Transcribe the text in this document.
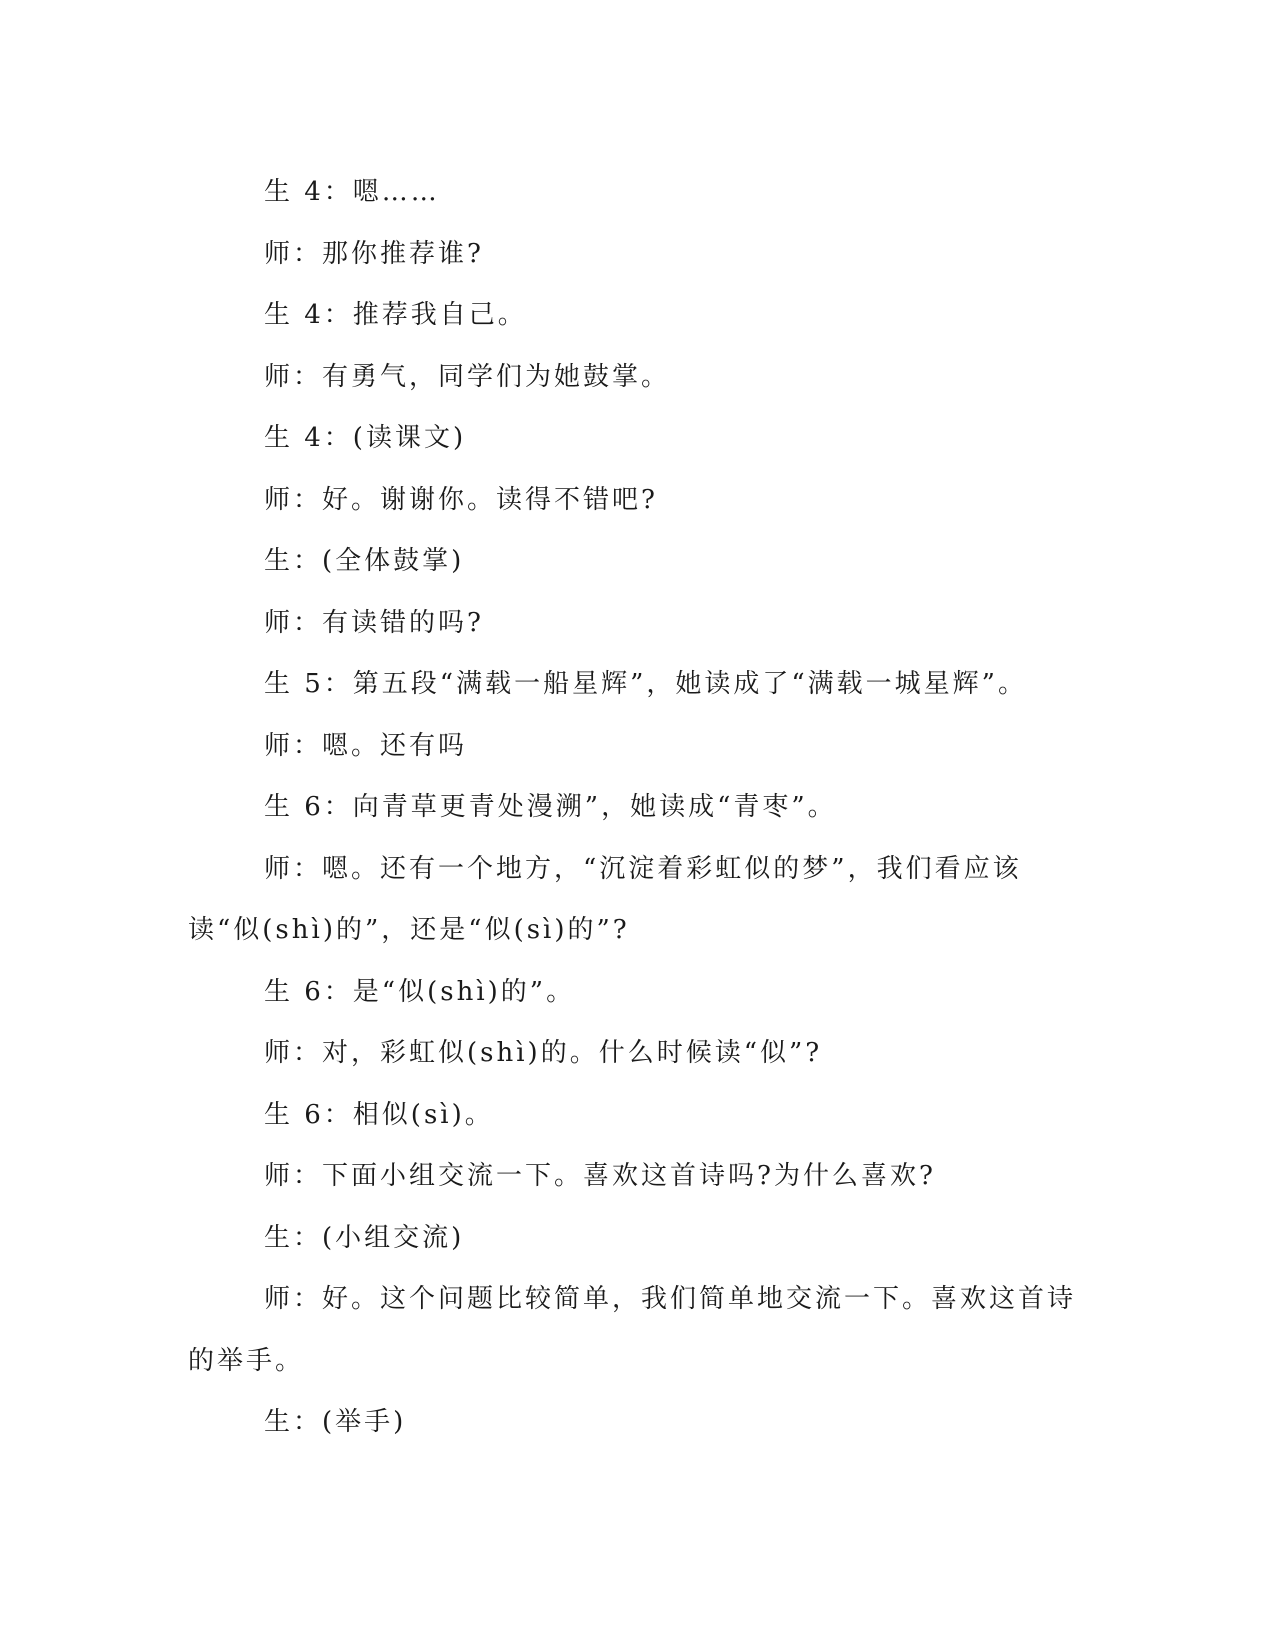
生 4：嗯……

师：那你推荐谁?

生 4：推荐我自己。

师：有勇气，同学们为她鼓掌。

生 4：(读课文)

师：好。谢谢你。读得不错吧?

生：(全体鼓掌)

师：有读错的吗?

生 5：第五段“满载一船星辉”，她读成了“满载一城星辉”。

师：嗯。还有吗

生 6：向青草更青处漫溯”，她读成“青枣”。

师：嗯。还有一个地方，“沉淀着彩虹似的梦”，我们看应该读“似(shì)的”，还是“似(sì)的”?

生 6：是“似(shì)的”。

师：对，彩虹似(shì)的。什么时候读“似”?

生 6：相似(sì)。

师：下面小组交流一下。喜欢这首诗吗?为什么喜欢?

生：(小组交流)

师：好。这个问题比较简单，我们简单地交流一下。喜欢这首诗的举手。

生：(举手)
